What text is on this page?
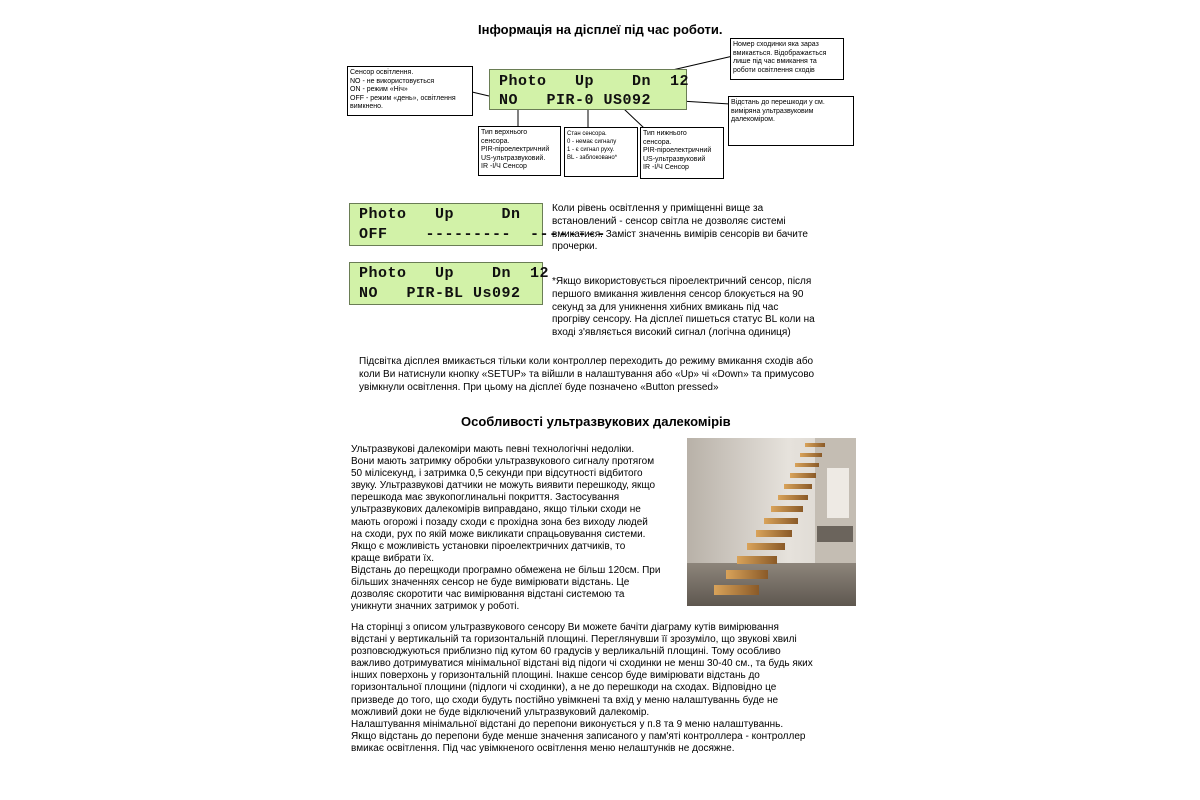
Інформація на дісплеї під час роботи.
Photo   Up    Dn  12
NO   PIR-0 US092
Сенсор освітлення.
NO - не використовується
ON - режим «Ніч»
OFF - режим «день», освітлення
вимкнено.
Номер сходинки яка зараз
вмикається. Відображається
лише під час вмикання та
роботи освітлення сходів
Відстань до перешкоди у см.
виміряна ультразвуковим
далекоміром.
Тип верхнього
сенсора.
PIR-піроелектричний
US-ультразвуковий.
IR -І/Ч Сенсор
Стан сенсора.
0 - немає сигналу
1 - є сигнал руху.
BL - заблоковано*
Тип нижнього
сенсора.
PIR-піроелектричний
US-ультразвуковий
IR -І/Ч Сенсор
Photo   Up     Dn
OFF    ---------  --------
Коли рівень освітлення у приміщенні вище за
встановлений - сенсор світла не дозволяє системі
вмикатися. Заміст значеннь вимірів сенсорів ви бачите
прочерки.
Photo   Up    Dn  12
NO   PIR-BL Us092
*Якщо використовується піроелектричний сенсор, після
першого вмикання живлення сенсор блокується на 90
секунд за для уникнення хибних вмикань під час
прогріву сенсору. На дісплеї пишеться статус BL коли на
вході з'являється високий сигнал (логічна одиниця)
Підсвітка дісплея вмикається тільки коли контроллер переходить до режиму вмикання сходів або
коли Ви натиснули кнопку «SETUP» та війшли в налаштування або «Up» чі «Down» та примусово
увімкнули освітлення. При цьому на дісплеї буде позначено «Button pressed»
Особливості ультразвукових далекомірів
Ультразвукові далекоміри мають певні технологічні недоліки.
Вони мають затримку обробки ультразвукового сигналу протягом
50 мілісекунд, і затримка 0,5 секунди при відсутності відбитого
звуку. Ультразвукові датчики не можуть виявити перешкоду, якщо
перешкода має звукопоглинальні покриття. Застосування
ультразвукових далекомірів виправдано, якщо тільки сходи не
мають огорожі і позаду сходи є прохідна зона без виходу людей
на сходи, рух по якій може викликати спрацьовування системи.
Якщо є можливість установки піроелектричних датчиків, то
краще вибрати їх.
Відстань до перещкоди програмно обмежена не більш 120см. При
більших значеннях сенсор не буде вимірювати відстань. Це
дозволяє скоротити час вимірювання відстані системою та
уникнути значних затримок у роботі.
На сторінці з описом ультразвукового сенсору Ви можете бачіти діаграму кутів вимірювання
відстані у вертикальній та горизонтальній площині. Переглянувши її зрозуміло, що звукові хвилі
розповсюджуються приблизно під кутом 60 градусів у верликальній площині. Тому особливо
важливо дотримуватися мінімальної відстані від підоги чі сходинки не менш 30-40 см., та будь яких
інших поверхонь у горизонтальній площині. Інакше сенсор буде вимірювати відстань до
горизонтальної площини (підлоги чі сходинки), а не до перешкоди на сходах. Відповідно це
призведе до того, що сходи будуть постійно увімкнені та вхід у меню налаштуваннь буде не
можливий доки не буде відключений ультразвуковий далекомір.
Налаштування мінімальної відстані до перепони виконується у п.8 та 9 меню налаштуваннь.
Якщо відстань до перепони буде менше значення записаного у пам'яті контроллера - контроллер
вмикає освітлення. Під час увімкненого освітлення меню нелаштунків не досяжне.
